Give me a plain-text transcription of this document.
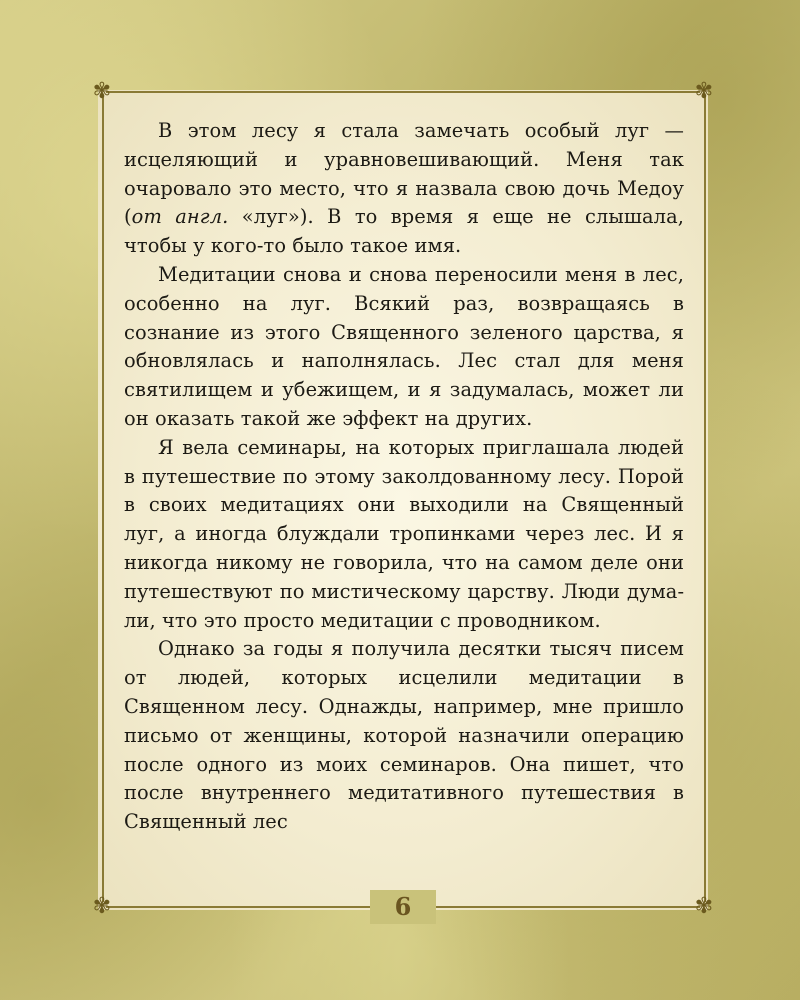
✾	✾
✾	✾

В этом лесу я стала замечать особый луг — исцеляющий и уравновешивающий. Меня так очаровало это место, что я назвала свою дочь Медоу (от англ. «луг»). В то время я еще не слышала, чтобы у кого-то было такое имя.

Медитации снова и снова переносили меня в лес, особенно на луг. Всякий раз, возвращаясь в сознание из этого Священного зеленого царства, я обновлялась и наполнялась. Лес стал для меня святилищем и убежищем, и я задумалась, может ли он оказать такой же эффект на других.

Я вела семинары, на которых приглашала людей в путешествие по этому заколдованному лесу. Порой в своих медитациях они выходили на Священный луг, а иногда блуждали тропинками через лес. И я никогда никому не говорила, что на самом деле они путешествуют по мистическому царству. Люди думали, что это просто медитации с проводником.

Однако за годы я получила десятки тысяч писем от людей, которых исцелили медитации в Священном лесу. Однажды, например, мне пришло письмо от женщины, которой назначили операцию после одного из моих семинаров. Она пишет, что после внутреннего медитативного путешествия в Священный лес

6
